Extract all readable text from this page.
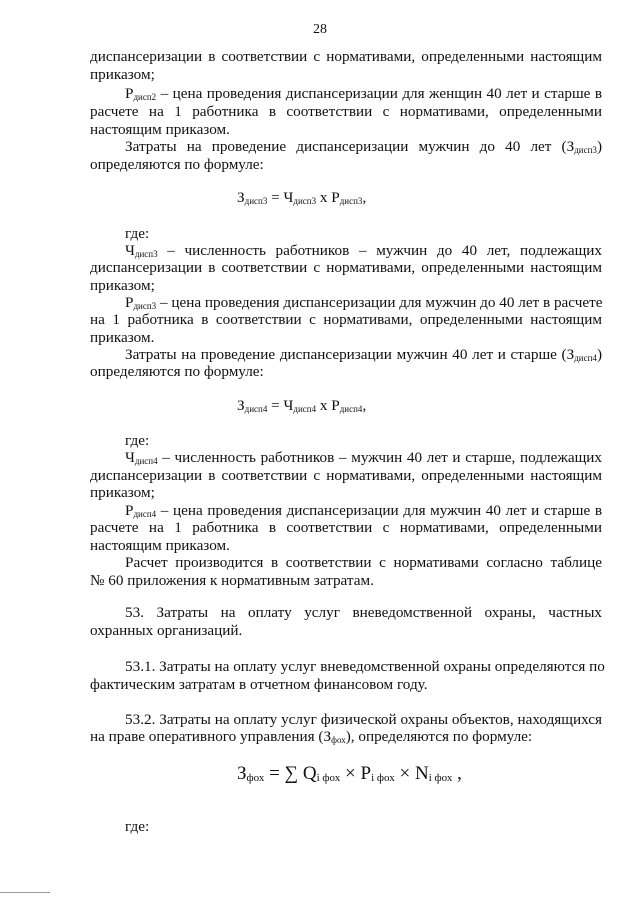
28
диспансеризации в соответствии с нормативами, определенными настоящим
приказом;
$Р_{дисп2}$ – цена проведения диспансеризации для женщин 40 лет и старше в
расчете на 1 работника в соответствии с нормативами, определенными
настоящим приказом.
Затраты на проведение диспансеризации мужчин до 40 лет $(З_{дисп3})$
определяются по формуле:
$З_{дисп3} = Ч_{дисп3}$ х $Р_{дисп3}$,
где:
$Ч_{дисп3}$ – численность работников – мужчин до 40 лет, подлежащих
диспансеризации в соответствии с нормативами, определенными настоящим
приказом;
$Р_{дисп3}$ – цена проведения диспансеризации для мужчин до 40 лет в расчете
на 1 работника в соответствии с нормативами, определенными настоящим
приказом.
Затраты на проведение диспансеризации мужчин 40 лет и старше $(З_{дисп4})$
определяются по формуле:
$З_{дисп4} = Ч_{дисп4}$ х $Р_{дисп4}$,
где:
$Ч_{дисп4}$ – численность работников – мужчин 40 лет и старше, подлежащих
диспансеризации в соответствии с нормативами, определенными настоящим
приказом;
$Р_{дисп4}$ – цена проведения диспансеризации для мужчин 40 лет и старше в
расчете на 1 работника в соответствии с нормативами, определенными
настоящим приказом.
Расчет производится в соответствии с нормативами согласно таблице
№ 60 приложения к нормативным затратам.
53. Затраты на оплату услуг вневедомственной охраны, частных
охранных организаций.
53.1. Затраты на оплату услуг вневедомственной охраны определяются по
фактическим затратам в отчетном финансовом году.
53.2. Затраты на оплату услуг физической охраны объектов, находящихся
на праве оперативного управления $(З_{фох})$, определяются по формуле:
$З_{фох}$ = ∑ $Q_{i фох} \times P_{i фох} \times N_{i фох}$ ,
где:
